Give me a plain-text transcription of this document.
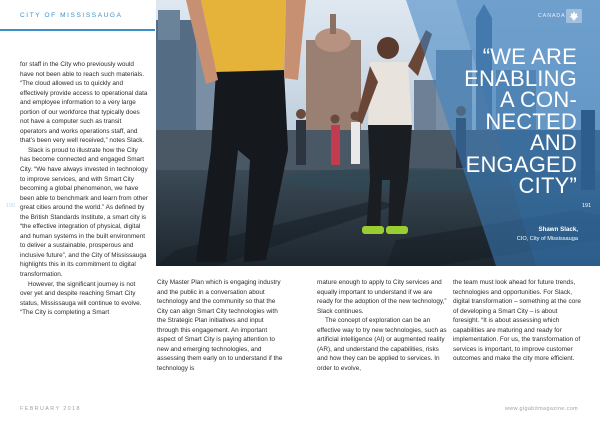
CITY OF MISSISSAUGA

for staff in the City who previously would have not been able to reach such materials. “The cloud allowed us to quickly and effectively provide access to operational data and employee information to a very large portion of our workforce that typically does not have a computer such as transit operators and works operations staff, and that’s been very well received,” notes Slack.

Slack is proud to illustrate how the City has become connected and engaged Smart City. “We have always invested in technology to improve services, and with Smart City becoming a global phenomenon, we have been able to benchmark and learn from other great cities around the world.” As defined by the British Standards Institute, a smart city is “the effective integration of physical, digital and human systems in the built environment to deliver a sustainable, prosperous and inclusive future”, and the City of Mississauga highlights this in its commitment to digital transformation.

However, the significant journey is not over yet and despite reaching Smart City status, Mississauga will continue to evolve. “The City is completing a Smart

190
CANADA
“WE ARE
ENABLING
A CON-
NECTED
AND
ENGAGED
CITY”
Shawn Slack,
CIO, City of Mississauga
191

City Master Plan which is engaging industry and the public in a conversation about technology and the community so that the City can align Smart City technologies with the Strategic Plan initiatives and input through this engagement. An important aspect of Smart City is paying attention to new and emerging technologies, and assessing them early on to understand if the technology is

mature enough to apply to City services and equally important to understand if we are ready for the adoption of the new technology,” Slack continues.

The concept of exploration can be an effective way to try new technologies, such as artificial intelligence (AI) or augmented reality (AR), and understand the capabilities, risks and how they can be applied to services. In order to evolve,

the team must look ahead for future trends, technologies and opportunities. For Slack, digital transformation – something at the core of developing a Smart City – is about foresight. “It is about assessing which capabilities are maturing and ready for implementation. For us, the transformation of services is important, to improve customer outcomes and make the city more efficient.

FEBRUARY 2018	www.gigabitmagazine.com
